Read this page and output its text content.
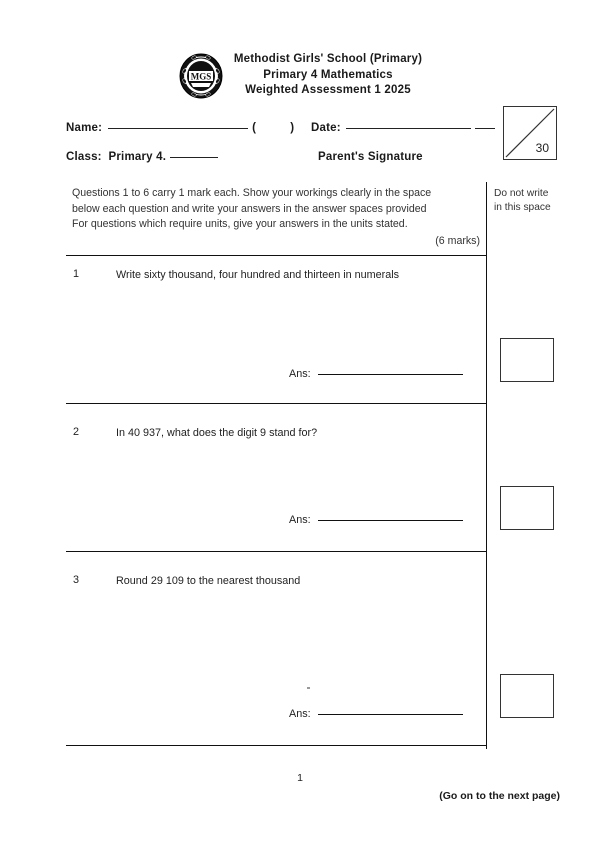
MGS
Methodist Girls' School (Primary)
Primary 4 Mathematics
Weighted Assessment 1 2025
Name:	(	)
Class: Primary 4.
Date:
Parent's Signature
30
Questions 1 to 6 carry 1 mark each. Show your workings clearly in the space
below each question and write your answers in the answer spaces provided
For questions which require units, give your answers in the units stated.
(6 marks)
Do not write
in this space
1	Write sixty thousand, four hundred and thirteen in numerals
Ans:
2	In 40 937, what does the digit 9 stand for?
Ans:
3	Round 29 109 to the nearest thousand
Ans:
1
(Go on to the next page)
